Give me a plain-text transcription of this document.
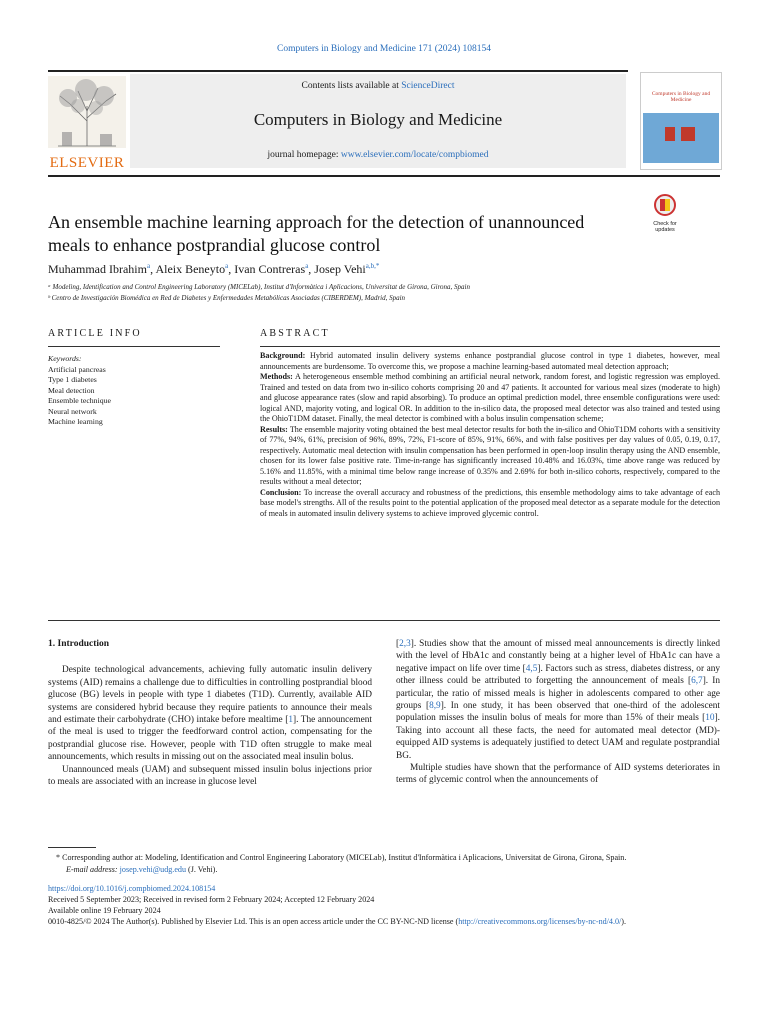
Computers in Biology and Medicine 171 (2024) 108154
ELSEVIER
Contents lists available at ScienceDirect
Computers in Biology and Medicine
journal homepage: www.elsevier.com/locate/compbiomed
Computers in Biology and Medicine
An ensemble machine learning approach for the detection of unannounced
meals to enhance postprandial glucose control
Check for updates
Muhammad Ibrahim$^a$, Aleix Beneyto$^a$, Ivan Contreras$^a$, Josep Vehi$^{a,b,*}$
ᵃ Modeling, Identification and Control Engineering Laboratory (MICELab), Institut d'Informàtica i Aplicacions, Universitat de Girona, Girona, Spain
ᵇ Centro de Investigación Biomédica en Red de Diabetes y Enfermedades Metabólicas Asociadas (CIBERDEM), Madrid, Spain
ARTICLE INFO
Keywords:
Artificial pancreas
Type 1 diabetes
Meal detection
Ensemble technique
Neural network
Machine learning
ABSTRACT

Background: Hybrid automated insulin delivery systems enhance postprandial glucose control in type 1 diabetes, however, meal announcements are burdensome. To overcome this, we propose a machine learning-based automated meal detection approach;

Methods: A heterogeneous ensemble method combining an artificial neural network, random forest, and logistic regression was employed. Trained and tested on data from two in-silico cohorts comprising 20 and 47 patients. It accounted for various meal sizes (moderate to high) and glucose appearance rates (slow and rapid absorbing). To produce an optimal prediction model, three ensemble configurations were used: logical AND, majority voting, and logical OR. In addition to the in-silico data, the proposed meal detector was also trained and tested using the OhioT1DM dataset. Finally, the meal detector is combined with a bolus insulin compensation scheme;

Results: The ensemble majority voting obtained the best meal detector results for both the in-silico and OhioT1DM cohorts with a sensitivity of 77%, 94%, 61%, precision of 96%, 89%, 72%, F1-score of 85%, 91%, 66%, and with false positives per day values of 0.05, 0.19, 0.17, respectively. Automatic meal detection with insulin compensation has been performed in open-loop insulin therapy using the AND ensemble, chosen for its lower false positive rate. Time-in-range has significantly increased 10.48% and 16.03%, time above range was reduced by 5.16% and 11.85%, with a minimal time below range increase of 0.35% and 2.69% for both in-silico cohorts, respectively, compared to the results without a meal detector;

Conclusion: To increase the overall accuracy and robustness of the predictions, this ensemble methodology aims to take advantage of each base model's strengths. All of the results point to the potential application of the proposed meal detector as a separate module for the detection of meals in automated insulin delivery systems to achieve improved glycemic control.

1. Introduction

Despite technological advancements, achieving fully automatic insulin delivery systems (AID) remains a challenge due to difficulties in controlling postprandial blood glucose (BG) levels in people with type 1 diabetes (T1D). Currently, available AID systems are considered hybrid because they require patients to announce their meals and estimate their carbohydrate (CHO) intake before mealtime [1]. The announcement of the meal is used to trigger the feedforward control action, compensating for the postprandial glucose rise. However, people with T1D often struggle to make meal announcements, which results in missing out on the associated meal insulin bolus.

Unannounced meals (UAM) and subsequent missed insulin bolus injections prior to meals are associated with an increase in glucose level

[2,3]. Studies show that the amount of missed meal announcements is directly linked with the level of HbA1c and constantly being at a higher level of HbA1c can have a negative impact on life over time [4,5]. Factors such as stress, diabetes distress, or any other illness could be attributed to forgetting the announcement of meals [6,7]. In particular, the ratio of missed meals is higher in adolescents compared to other age groups [8,9]. In one study, it has been observed that one-third of the adolescent population misses the insulin bolus of meals for more than 15% of their meals [10]. Taking into account all these facts, the need for automated meal detector (MD)-equipped AID systems is adequately justified to detect UAM and regulate postprandial BG.

Multiple studies have shown that the performance of AID systems deteriorates in terms of glycemic control when the announcements of

* Corresponding author at: Modeling, Identification and Control Engineering Laboratory (MICELab), Institut d'Informàtica i Aplicacions, Universitat de Girona, Girona, Spain.
E-mail address: josep.vehi@udg.edu (J. Vehi).
https://doi.org/10.1016/j.compbiomed.2024.108154
Received 5 September 2023; Received in revised form 2 February 2024; Accepted 12 February 2024
Available online 19 February 2024
0010-4825/© 2024 The Author(s). Published by Elsevier Ltd. This is an open access article under the CC BY-NC-ND license (http://creativecommons.org/licenses/by-nc-nd/4.0/).
